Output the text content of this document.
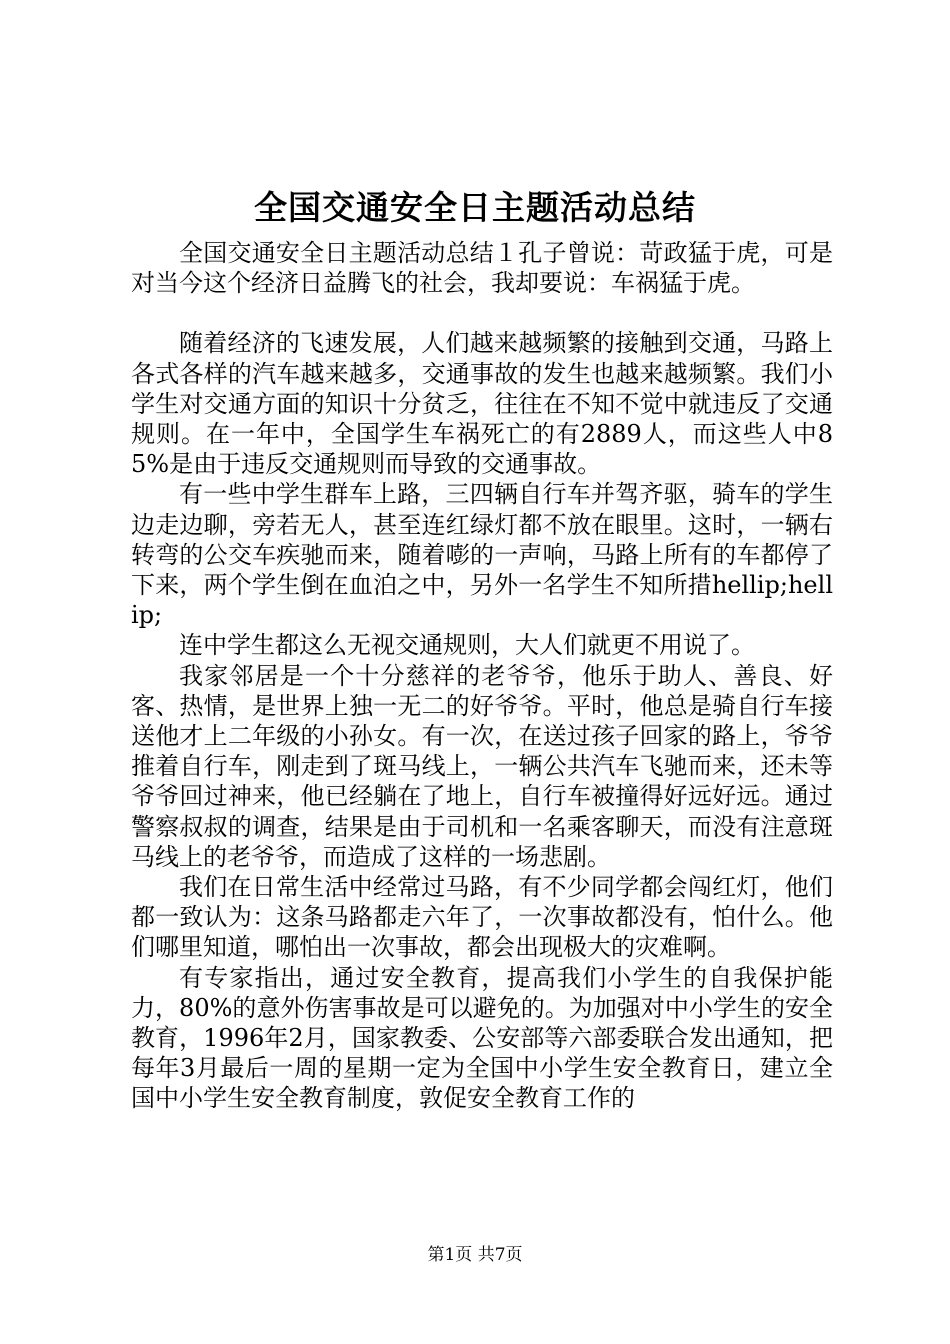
全国交通安全日主题活动总结

全国交通安全日主题活动总结１孔子曾说：苛政猛于虎，可是对当今这个经济日益腾飞的社会，我却要说：车祸猛于虎。

随着经济的飞速发展，人们越来越频繁的接触到交通，马路上各式各样的汽车越来越多，交通事故的发生也越来越频繁。我们小学生对交通方面的知识十分贫乏，往往在不知不觉中就违反了交通规则。在一年中，全国学生车祸死亡的有2889人，而这些人中85%是由于违反交通规则而导致的交通事故。

有一些中学生群车上路，三四辆自行车并驾齐驱，骑车的学生边走边聊，旁若无人，甚至连红绿灯都不放在眼里。这时，一辆右转弯的公交车疾驰而来，随着嘭的一声响，马路上所有的车都停了下来，两个学生倒在血泊之中，另外一名学生不知所措hellip;hellip;

连中学生都这么无视交通规则，大人们就更不用说了。

我家邻居是一个十分慈祥的老爷爷，他乐于助人、善良、好客、热情，是世界上独一无二的好爷爷。平时，他总是骑自行车接送他才上二年级的小孙女。有一次，在送过孩子回家的路上，爷爷推着自行车，刚走到了斑马线上，一辆公共汽车飞驰而来，还未等爷爷回过神来，他已经躺在了地上，自行车被撞得好远好远。通过警察叔叔的调查，结果是由于司机和一名乘客聊天，而没有注意斑马线上的老爷爷，而造成了这样的一场悲剧。

我们在日常生活中经常过马路，有不少同学都会闯红灯，他们都一致认为：这条马路都走六年了，一次事故都没有，怕什么。他们哪里知道，哪怕出一次事故，都会出现极大的灾难啊。

有专家指出，通过安全教育，提高我们小学生的自我保护能力，80%的意外伤害事故是可以避免的。为加强对中小学生的安全教育，1996年2月，国家教委、公安部等六部委联合发出通知，把每年3月最后一周的星期一定为全国中小学生安全教育日，建立全国中小学生安全教育制度，敦促安全教育工作的

第1页 共7页
